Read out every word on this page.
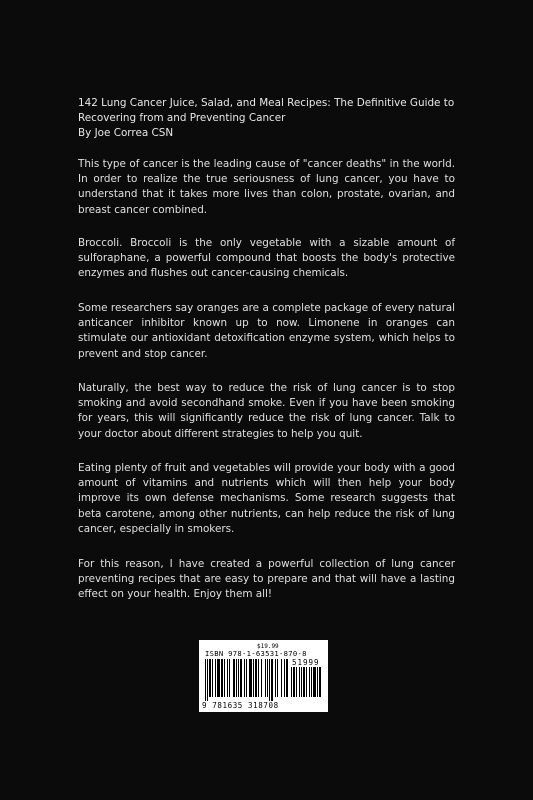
142 Lung Cancer Juice, Salad, and Meal Recipes: The Definitive Guide to
Recovering from and Preventing Cancer
By Joe Correa CSN

This type of cancer is the leading cause of "cancer deaths" in the world. In order to realize the true seriousness of lung cancer, you have to understand that it takes more lives than colon, prostate, ovarian, and breast cancer combined.

Broccoli. Broccoli is the only vegetable with a sizable amount of sulforaphane, a powerful compound that boosts the body's protective enzymes and flushes out cancer-causing chemicals.

Some researchers say oranges are a complete package of every natural anticancer inhibitor known up to now. Limonene in oranges can stimulate our antioxidant detoxification enzyme system, which helps to prevent and stop cancer.

Naturally, the best way to reduce the risk of lung cancer is to stop smoking and avoid secondhand smoke. Even if you have been smoking for years, this will significantly reduce the risk of lung cancer. Talk to your doctor about different strategies to help you quit.

Eating plenty of fruit and vegetables will provide your body with a good amount of vitamins and nutrients which will then help your body improve its own defense mechanisms. Some research suggests that beta carotene, among other nutrients, can help reduce the risk of lung cancer, especially in smokers.

For this reason, I have created a powerful collection of lung cancer preventing recipes that are easy to prepare and that will have a lasting effect on your health. Enjoy them all!

$19.99
ISBN 978-1-63531-870-8
51999
9 781635 318708
